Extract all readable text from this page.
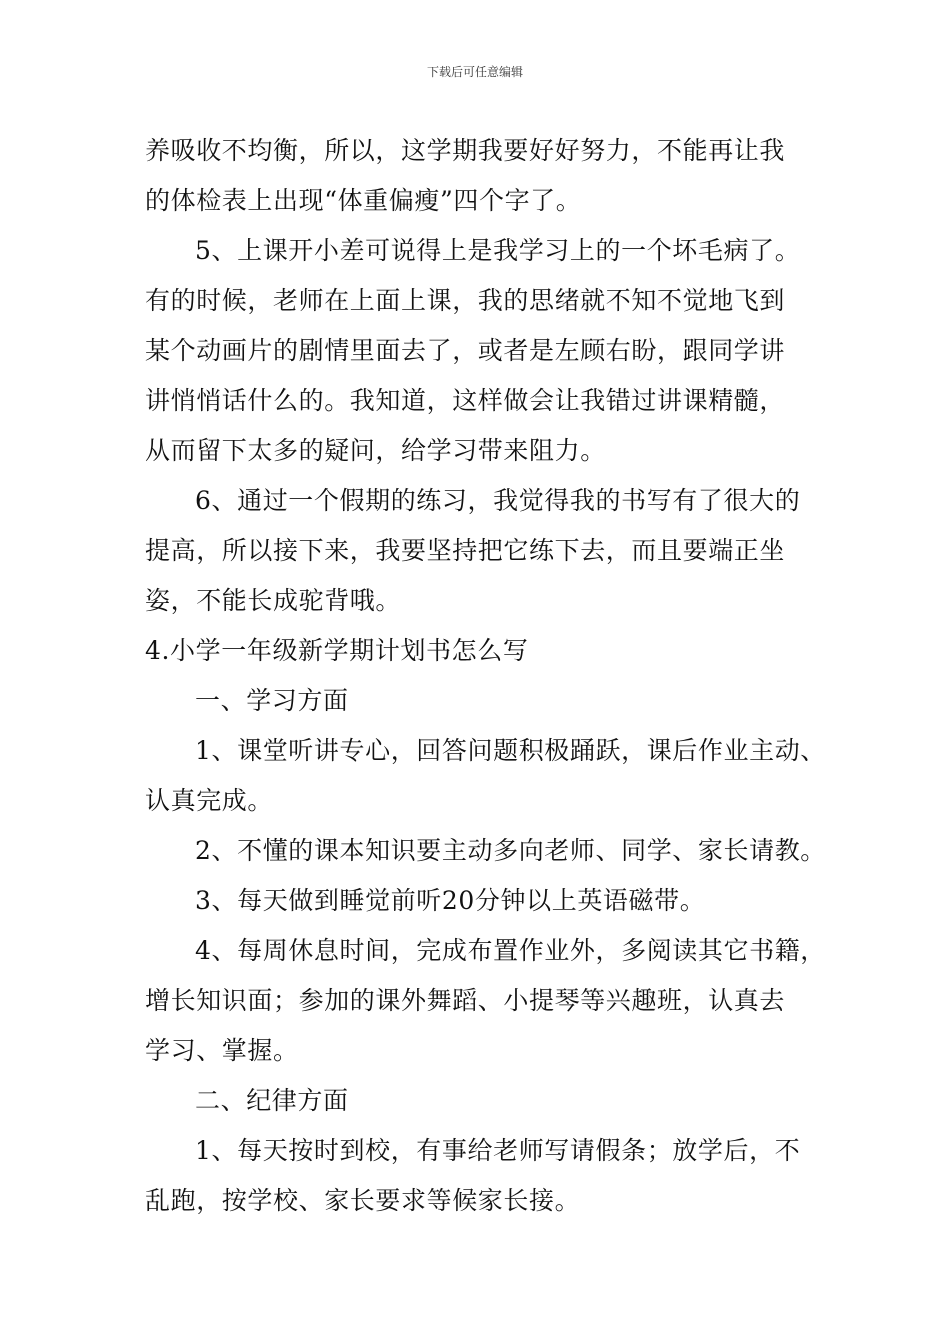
下载后可任意编辑
养吸收不均衡，所以，这学期我要好好努力，不能再让我
的体检表上出现“体重偏瘦”四个字了。
5、上课开小差可说得上是我学习上的一个坏毛病了。
有的时候，老师在上面上课，我的思绪就不知不觉地飞到
某个动画片的剧情里面去了，或者是左顾右盼，跟同学讲
讲悄悄话什么的。我知道，这样做会让我错过讲课精髓，
从而留下太多的疑问，给学习带来阻力。
6、通过一个假期的练习，我觉得我的书写有了很大的
提高，所以接下来，我要坚持把它练下去，而且要端正坐
姿，不能长成驼背哦。
4.小学一年级新学期计划书怎么写
一、学习方面
1、课堂听讲专心，回答问题积极踊跃，课后作业主动、
认真完成。
2、不懂的课本知识要主动多向老师、同学、家长请教。
3、每天做到睡觉前听20分钟以上英语磁带。
4、每周休息时间，完成布置作业外，多阅读其它书籍，
增长知识面；参加的课外舞蹈、小提琴等兴趣班，认真去
学习、掌握。
二、纪律方面
1、每天按时到校，有事给老师写请假条；放学后，不
乱跑，按学校、家长要求等候家长接。
